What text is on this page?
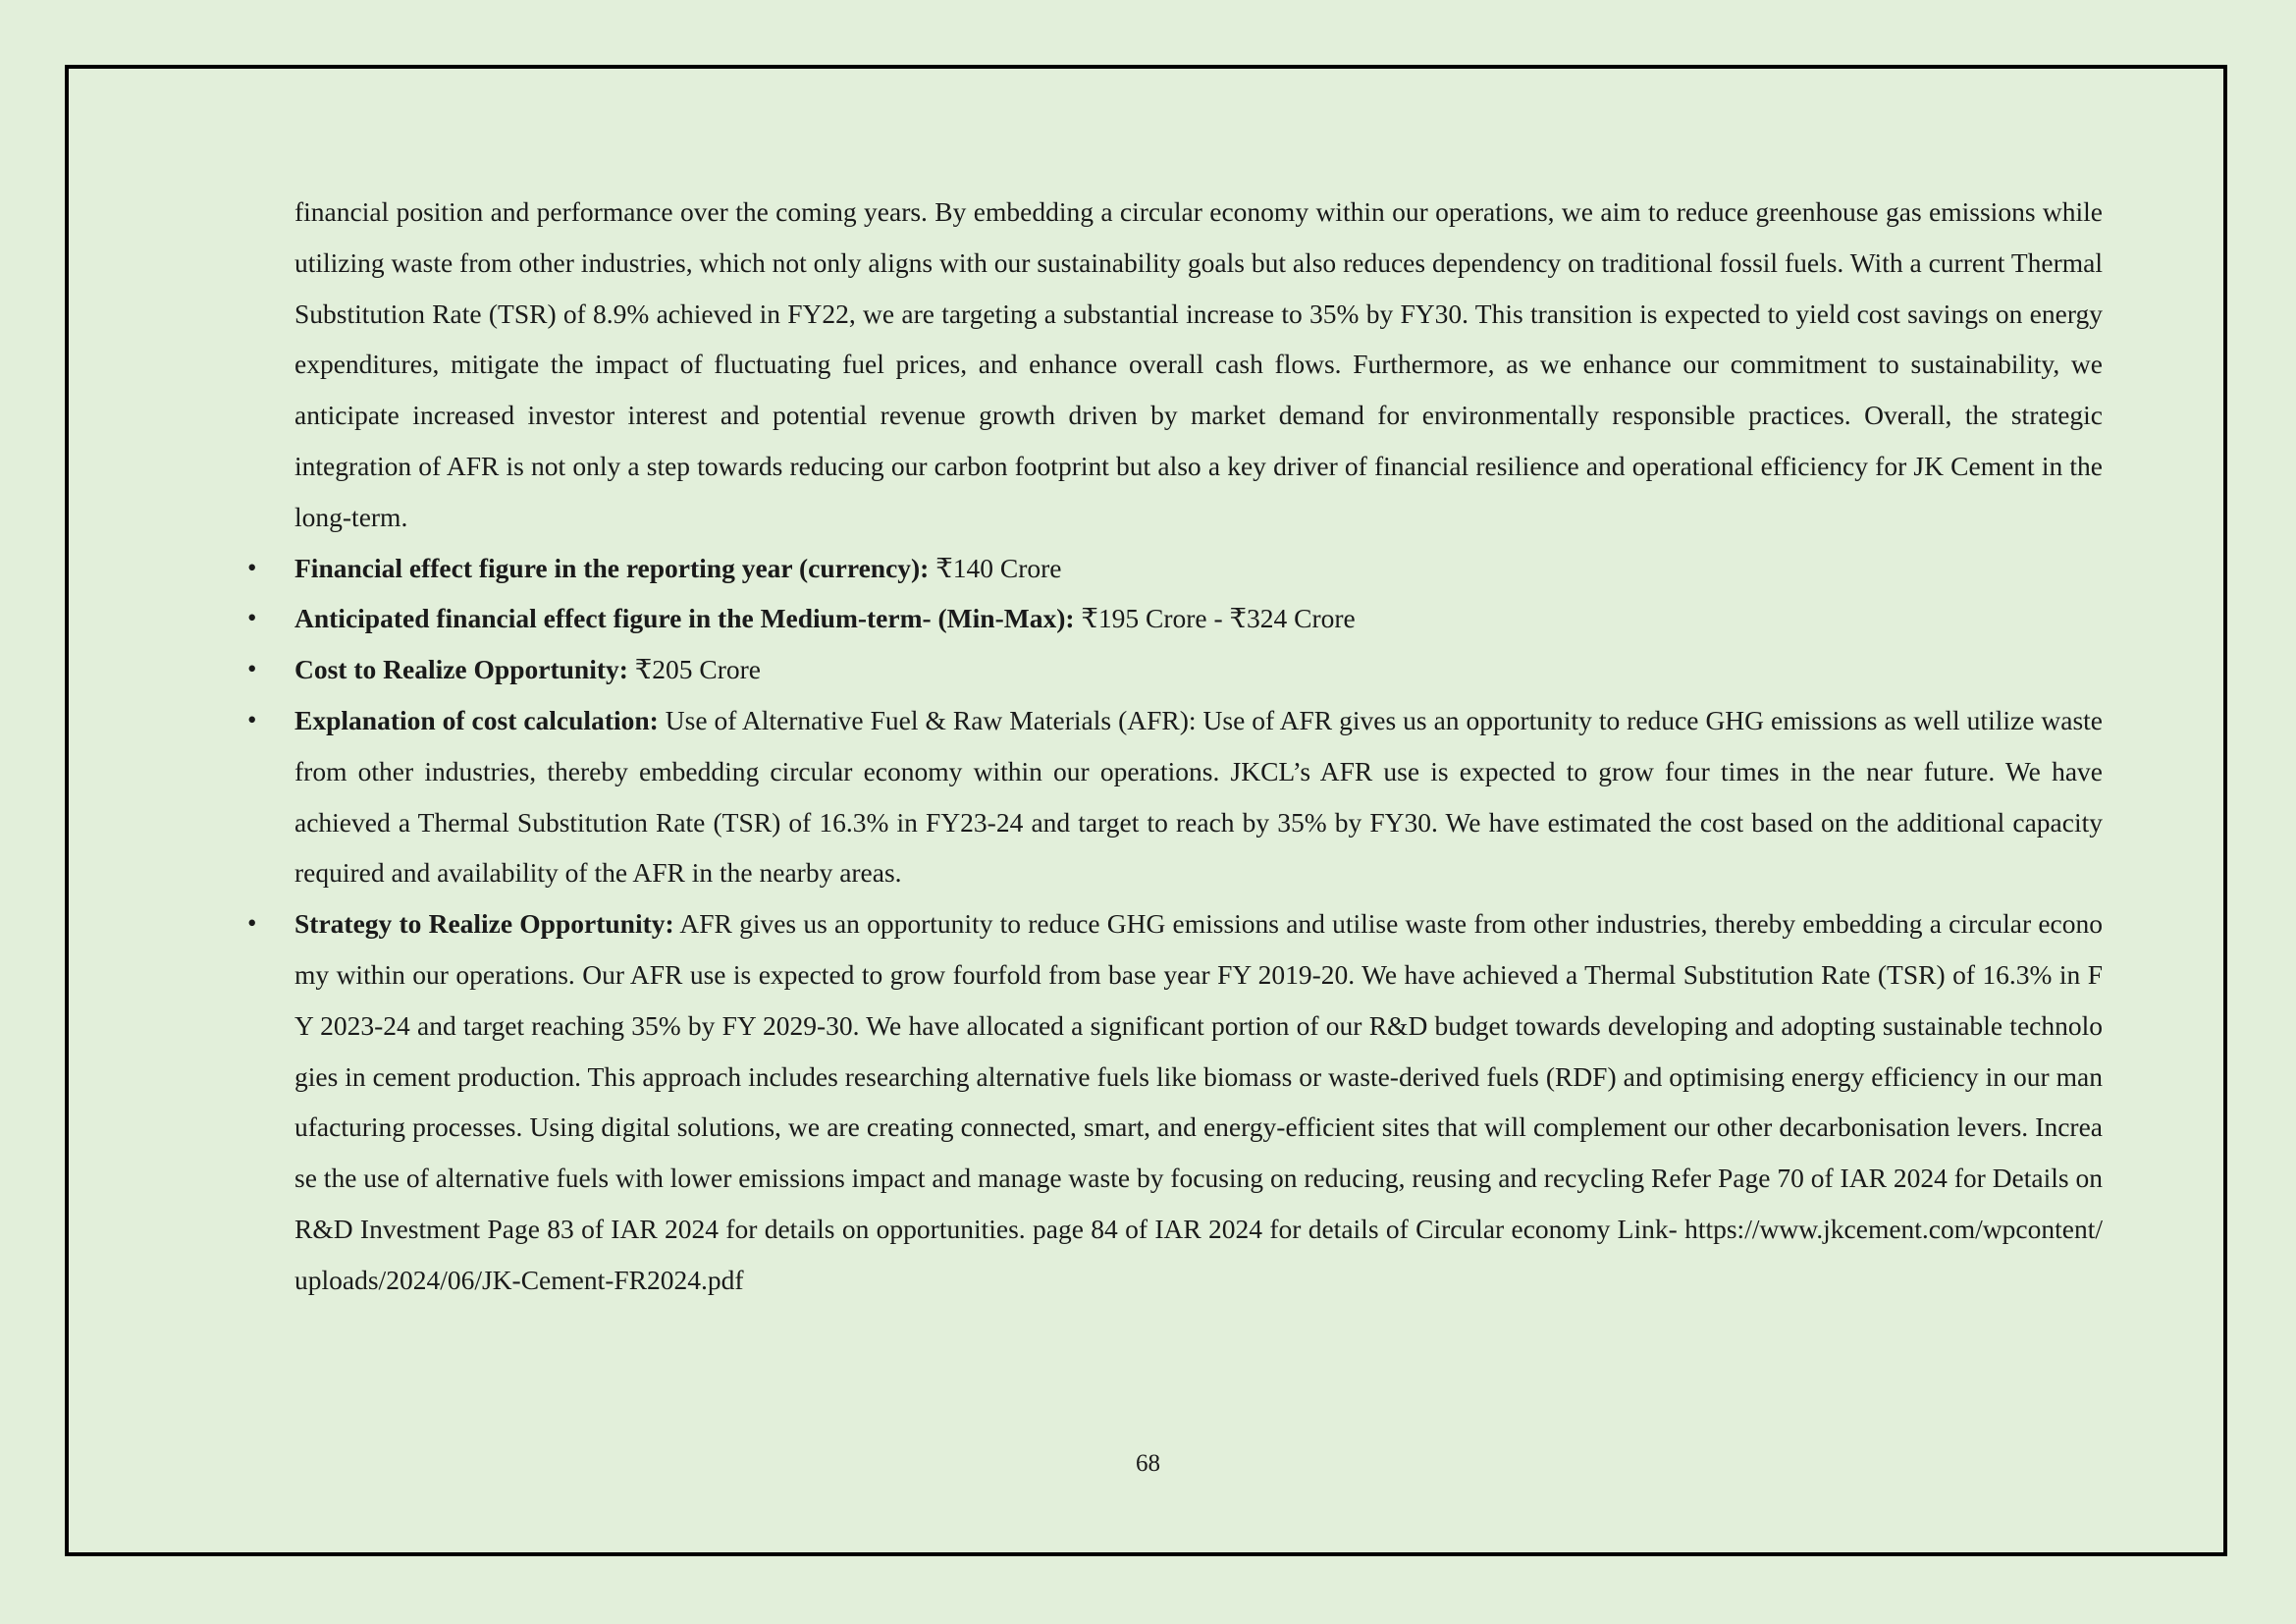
financial position and performance over the coming years. By embedding a circular economy within our operations, we aim to reduce greenhouse gas emissions while utilizing waste from other industries, which not only aligns with our sustainability goals but also reduces dependency on traditional fossil fuels. With a current Thermal Substitution Rate (TSR) of 8.9% achieved in FY22, we are targeting a substantial increase to 35% by FY30. This transition is expected to yield cost savings on energy expenditures, mitigate the impact of fluctuating fuel prices, and enhance overall cash flows. Furthermore, as we enhance our commitment to sustainability, we anticipate increased investor interest and potential revenue growth driven by market demand for environmentally responsible practices. Overall, the strategic integration of AFR is not only a step towards reducing our carbon footprint but also a key driver of financial resilience and operational efficiency for JK Cement in the long-term.

• Financial effect figure in the reporting year (currency): ₹140 Crore
• Anticipated financial effect figure in the Medium-term- (Min-Max): ₹195 Crore - ₹324 Crore
• Cost to Realize Opportunity: ₹205 Crore
• Explanation of cost calculation: Use of Alternative Fuel & Raw Materials (AFR): Use of AFR gives us an opportunity to reduce GHG emissions as well utilize waste from other industries, thereby embedding circular economy within our operations. JKCL’s AFR use is expected to grow four times in the near future. We have achieved a Thermal Substitution Rate (TSR) of 16.3% in FY23-24 and target to reach by 35% by FY30. We have estimated the cost based on the additional capacity required and availability of the AFR in the nearby areas.
• Strategy to Realize Opportunity: AFR gives us an opportunity to reduce GHG emissions and utilise waste from other industries, thereby embedding a circular economy within our operations. Our AFR use is expected to grow fourfold from base year FY 2019-20. We have achieved a Thermal Substitution Rate (TSR) of 16.3% in FY 2023-24 and target reaching 35% by FY 2029-30. We have allocated a significant portion of our R&D budget towards developing and adopting sustainable technologies in cement production. This approach includes researching alternative fuels like biomass or waste-derived fuels (RDF) and optimising energy efficiency in our manufacturing processes. Using digital solutions, we are creating connected, smart, and energy-efficient sites that will complement our other decarbonisation levers. Increase the use of alternative fuels with lower emissions impact and manage waste by focusing on reducing, reusing and recycling Refer Page 70 of IAR 2024 for Details on R&D Investment Page 83 of IAR 2024 for details on opportunities. page 84 of IAR 2024 for details of Circular economy Link- https://www.jkcement.com/wpcontent/uploads/2024/06/JK-Cement-FR2024.pdf
68
